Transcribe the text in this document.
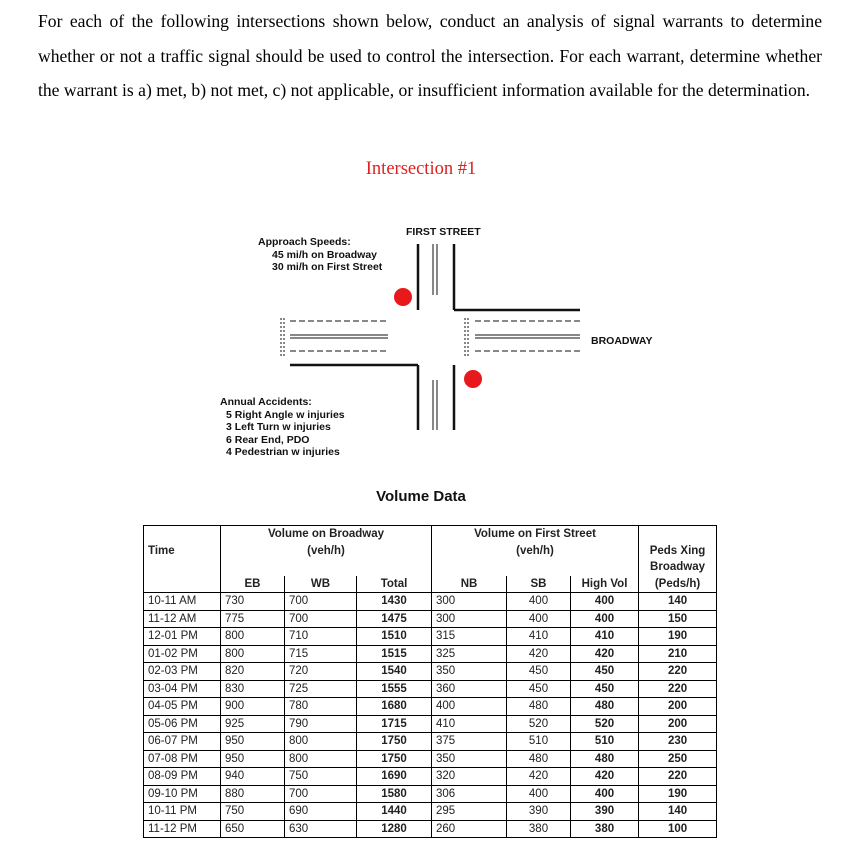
For each of the following intersections shown below, conduct an analysis of signal warrants to determine whether or not a traffic signal should be used to control the intersection. For each warrant, determine whether the warrant is a) met, b) not met, c) not applicable, or insufficient information available for the determination.

Intersection #1
FIRST STREET
BROADWAY
Approach Speeds:
45 mi/h on Broadway
30 mi/h on First Street
Annual Accidents:
5 Right Angle w injuries
3 Left Turn w injuries
6 Rear End, PDO
4 Pedestrian w injuries
Volume Data
Time	Volume on Broadway			Volume on First Street			
	(veh/h)			(veh/h)			Peds Xing
							Broadway
	EB	WB	Total	NB	SB	High Vol	(Peds/h)
10-11 AM	730	700	1430	300	400	400	140
11-12 AM	775	700	1475	300	400	400	150
12-01 PM	800	710	1510	315	410	410	190
01-02 PM	800	715	1515	325	420	420	210
02-03 PM	820	720	1540	350	450	450	220
03-04 PM	830	725	1555	360	450	450	220
04-05 PM	900	780	1680	400	480	480	200
05-06 PM	925	790	1715	410	520	520	200
06-07 PM	950	800	1750	375	510	510	230
07-08 PM	950	800	1750	350	480	480	250
08-09 PM	940	750	1690	320	420	420	220
09-10 PM	880	700	1580	306	400	400	190
10-11 PM	750	690	1440	295	390	390	140
11-12 PM	650	630	1280	260	380	380	100
